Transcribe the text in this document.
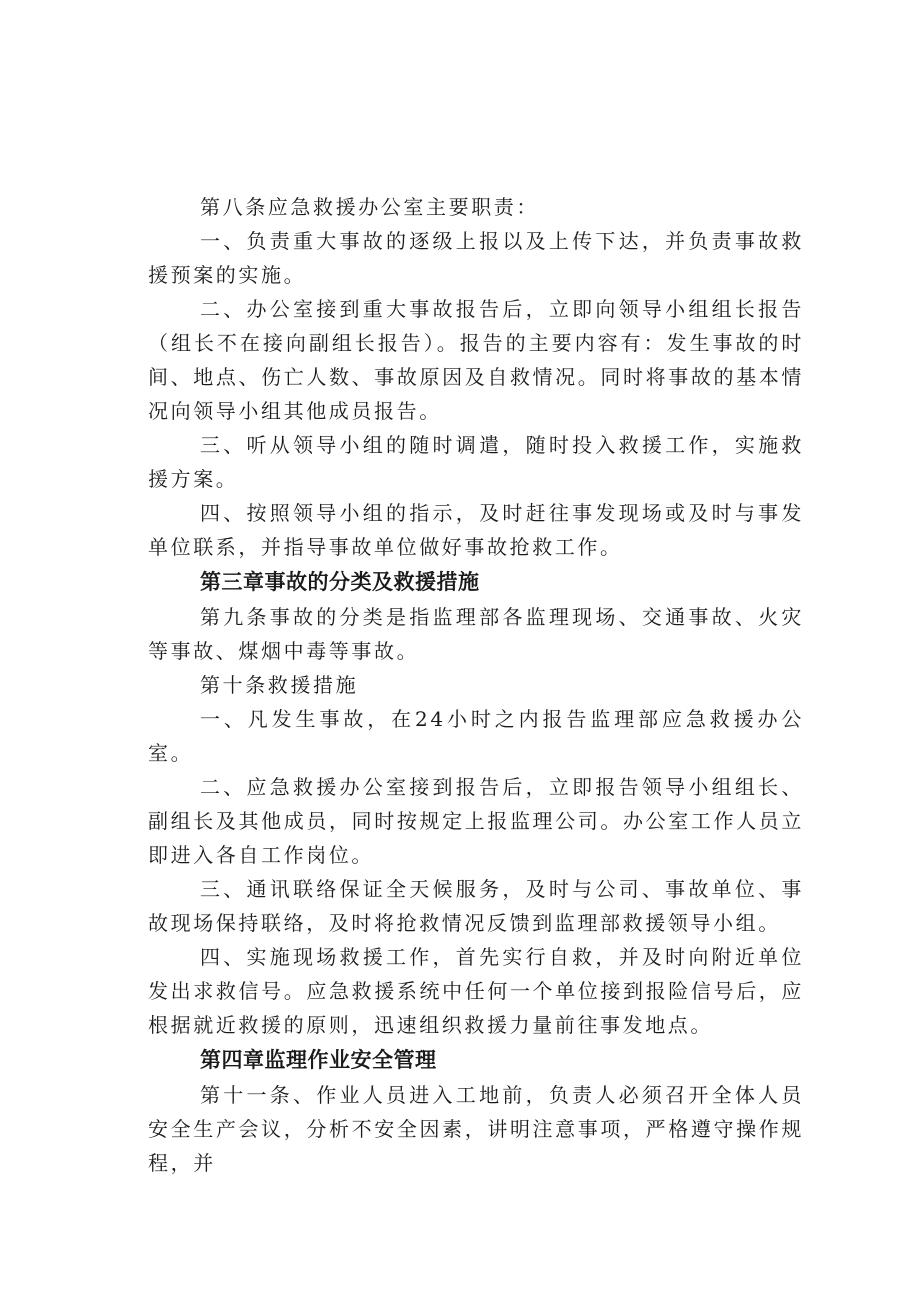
第八条应急救援办公室主要职责：

一、负责重大事故的逐级上报以及上传下达，并负责事故救援预案的实施。

二、办公室接到重大事故报告后，立即向领导小组组长报告（组长不在接向副组长报告）。报告的主要内容有：发生事故的时间、地点、伤亡人数、事故原因及自救情况。同时将事故的基本情况向领导小组其他成员报告。

三、听从领导小组的随时调遣，随时投入救援工作，实施救援方案。

四、按照领导小组的指示，及时赶往事发现场或及时与事发单位联系，并指导事故单位做好事故抢救工作。

第三章事故的分类及救援措施

第九条事故的分类是指监理部各监理现场、交通事故、火灾等事故、煤烟中毒等事故。

第十条救援措施

一、凡发生事故，在24小时之内报告监理部应急救援办公室。

二、应急救援办公室接到报告后，立即报告领导小组组长、副组长及其他成员，同时按规定上报监理公司。办公室工作人员立即进入各自工作岗位。

三、通讯联络保证全天候服务，及时与公司、事故单位、事故现场保持联络，及时将抢救情况反馈到监理部救援领导小组。

四、实施现场救援工作，首先实行自救，并及时向附近单位发出求救信号。应急救援系统中任何一个单位接到报险信号后，应根据就近救援的原则，迅速组织救援力量前往事发地点。

第四章监理作业安全管理

第十一条、作业人员进入工地前，负责人必须召开全体人员安全生产会议，分析不安全因素，讲明注意事项，严格遵守操作规程，并
